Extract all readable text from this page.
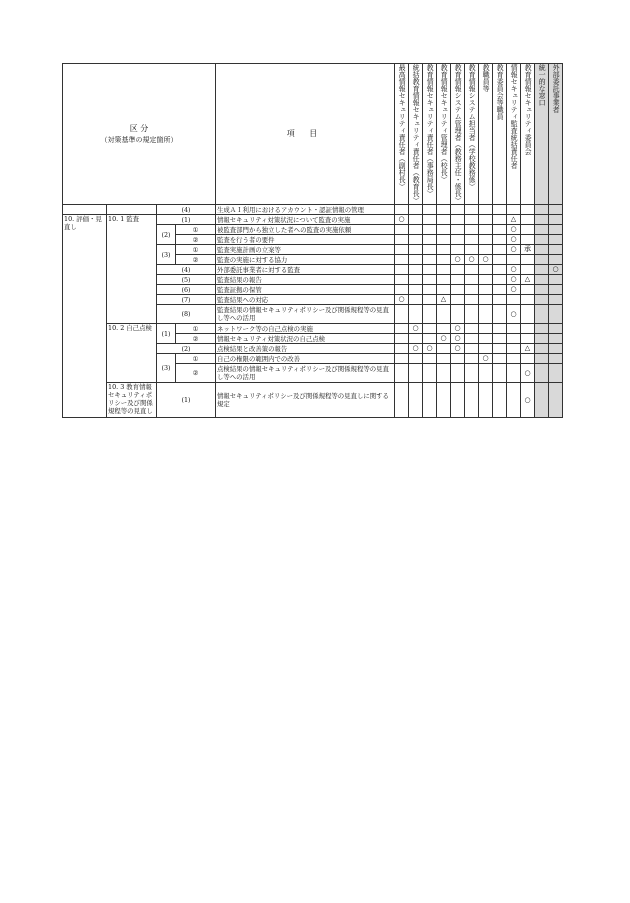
区 分
（対策基準の規定箇所）				項 目	最高情報セキュリティ責任者（副村長）	統括教育情報セキュリティ責任者（教育長）	教育情報セキュリティ責任者（事務局長）	教育情報セキュリティ管理者（校長）	教育情報システム管理者（教務主任・係長）	教育情報システム担当者（学校教務係）	教職員等	教育委員会等職員	情報セキュリティ監査統括責任者	教育情報セキュリティ委員会	統一的な窓口	外部委託事業者

		(4)		生成ＡＩ利用におけるアカウント・認証情報の管理												
10. 評価・見直し	10. 1 監査	(1)		情報セキュリティ対策状況について監査の実施	○								△			
		(2)	①	被監査部門から独立した者への監査の実施依頼									○			
			②	監査を行う者の要件									○			
		(3)	①	監査実施計画の立案等									○	承		
			②	監査の実施に対する協力					○	○	○					
		(4)		外部委託事業者に対する監査									○			○
		(5)		監査結果の報告									○	△		
		(6)		監査証拠の保管									○			
		(7)		監査結果への対応	○			△								
		(8)		監査結果の情報セキュリティポリシー及び関係規程等の見直し等への活用									○			
	10. 2 自己点検	(1)	①	ネットワーク等の自己点検の実施		○			○							
			②	情報セキュリティ対策状況の自己点検				○	○							
		(2)		点検結果と改善策の報告		○	○		○					△		
		(3)	①	自己の権限の範囲内での改善							○					
			②	点検結果の情報セキュリティポリシー及び関係規程等の見直し等への活用										○		
	10. 3 教育情報セキュリティポリシー及び関係規程等の見直し	(1)		情報セキュリティポリシー及び関係規程等の見直しに関する規定										○		
